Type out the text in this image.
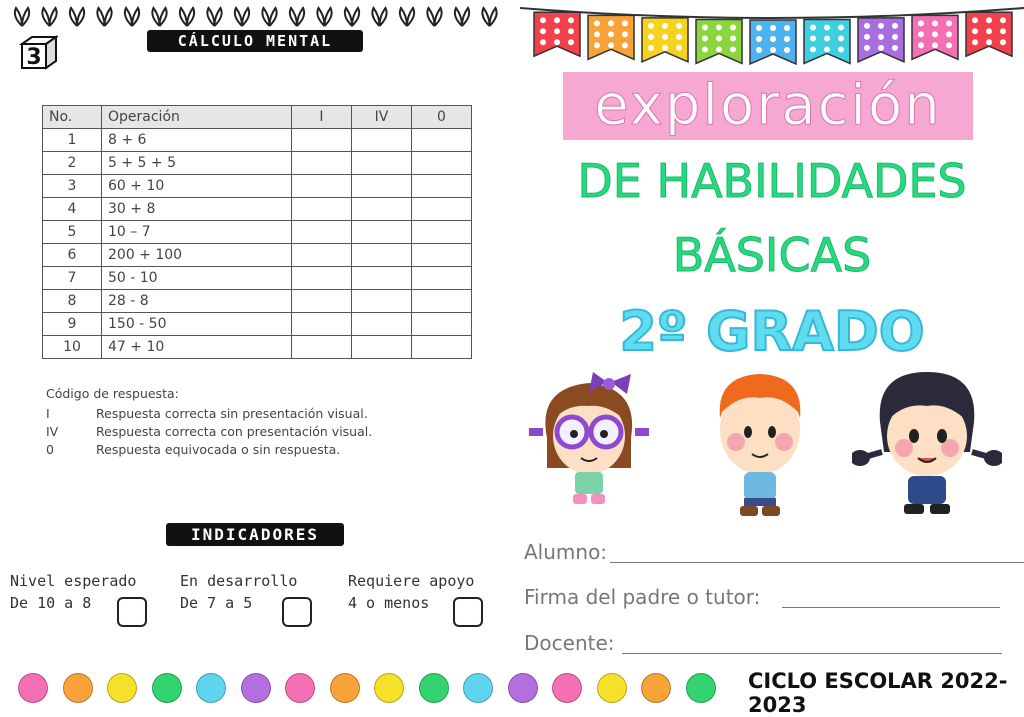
CÁLCULO MENTAL
3
No.	Operación	I	IV	0
1	8 + 6			
2	5 + 5 + 5			
3	60 + 10			
4	30 + 8			
5	10 – 7			
6	200 + 100			
7	50 - 10			
8	28 - 8			
9	150 - 50			
10	47 + 10			
Código de respuesta:
I	Respuesta correcta sin presentación visual.
IV	Respuesta correcta con presentación visual.
0	Respuesta equivocada o sin respuesta.
INDICADORES
Nivel esperado
De 10 a 8
En desarrollo
De 7 a 5
Requiere apoyo
4 o menos
exploración
DE HABILIDADES
BÁSICAS
2º GRADO
Alumno:
Firma del padre o tutor:
Docente:
CICLO ESCOLAR 2022-2023
